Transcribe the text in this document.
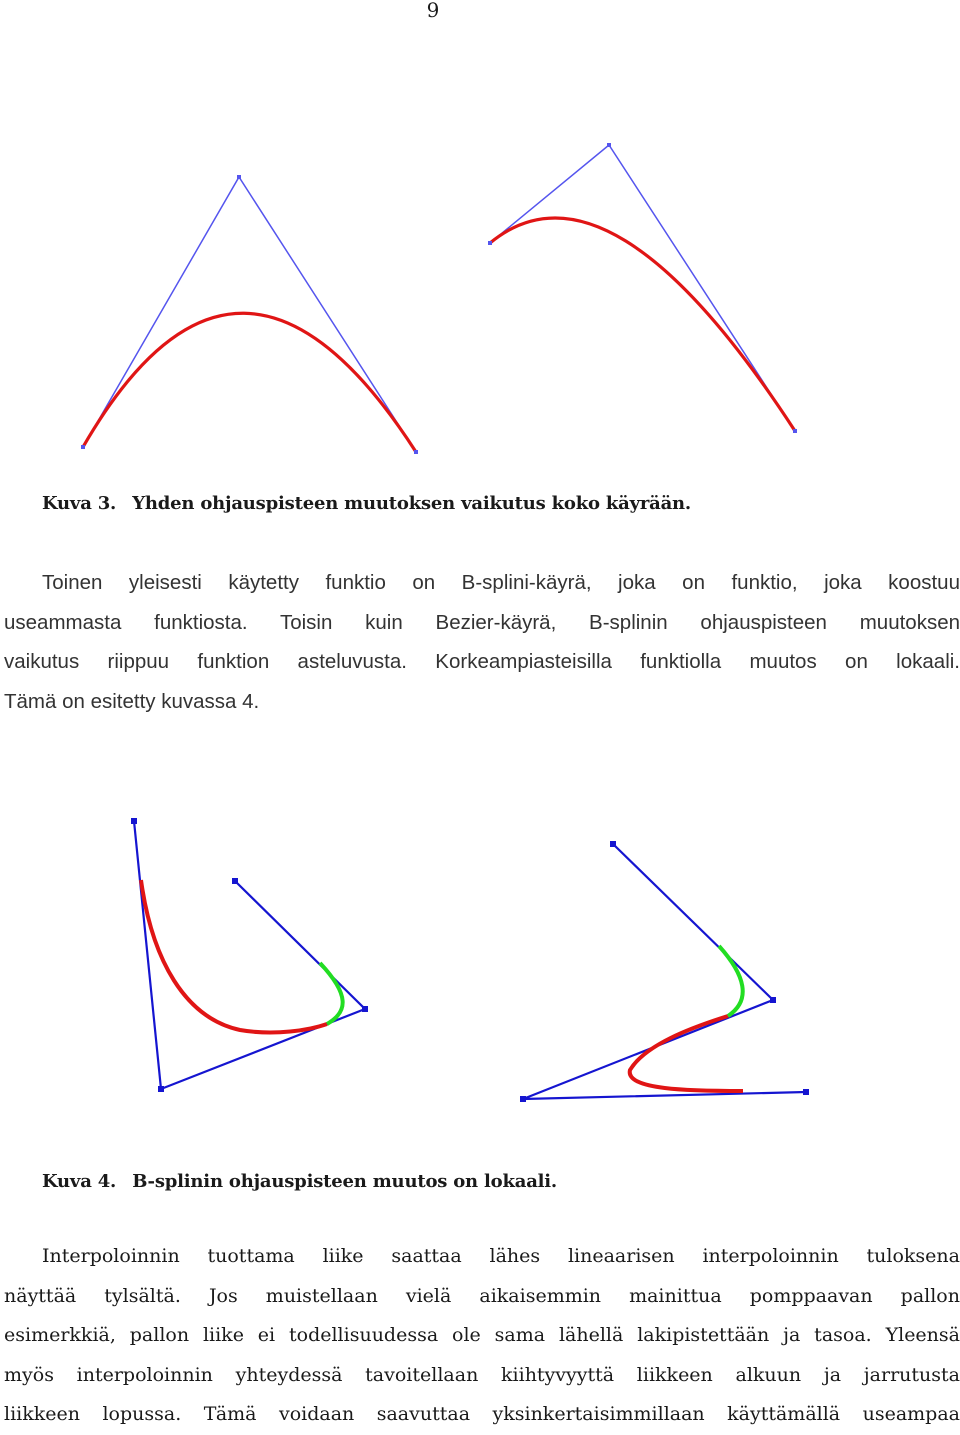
9
Kuva 3. Yhden ohjauspisteen muutoksen vaikutus koko käyrään.
Toinen yleisesti käytetty funktio on B-splini-käyrä, joka on funktio, joka koostuu
useammasta funktiosta. Toisin kuin Bezier-käyrä, B-splinin ohjauspisteen muutoksen
vaikutus riippuu funktion asteluvusta. Korkeampiasteisilla funktiolla muutos on lokaali.
Tämä on esitetty kuvassa 4.
Kuva 4. B-splinin ohjauspisteen muutos on lokaali.
Interpoloinnin tuottama liike saattaa lähes lineaarisen interpoloinnin tuloksena
näyttää tylsältä. Jos muistellaan vielä aikaisemmin mainittua pomppaavan pallon
esimerkkiä, pallon liike ei todellisuudessa ole sama lähellä lakipistettään ja tasoa. Yleensä
myös interpoloinnin yhteydessä tavoitellaan kiihtyvyyttä liikkeen alkuun ja jarrutusta
liikkeen lopussa. Tämä voidaan saavuttaa yksinkertaisimmillaan käyttämällä useampaa
